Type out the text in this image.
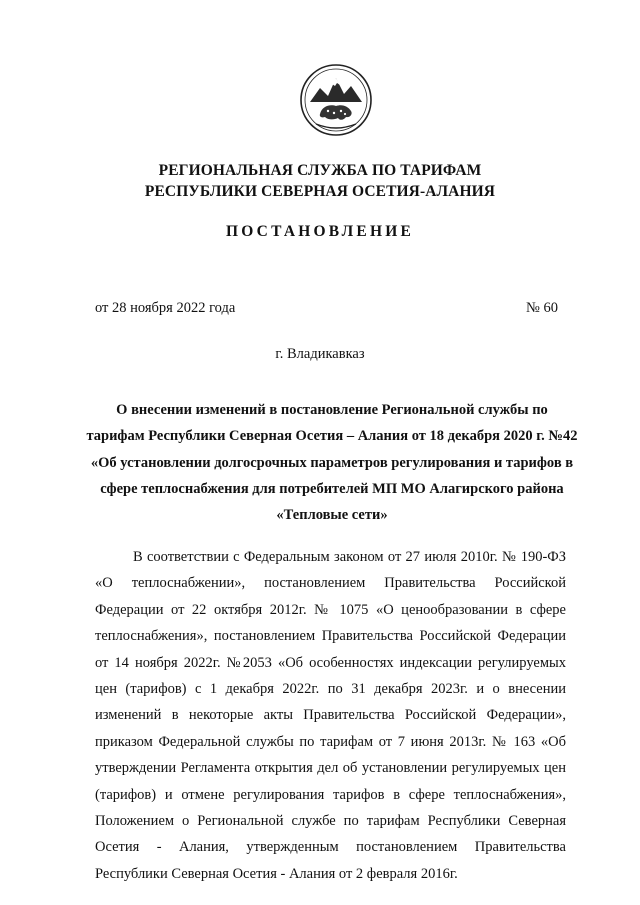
РЕГИОНАЛЬНАЯ СЛУЖБА ПО ТАРИФАМ
РЕСПУБЛИКИ СЕВЕРНАЯ ОСЕТИЯ-АЛАНИЯ
ПОСТАНОВЛЕНИЕ
от 28 ноября 2022 года	№ 60
г. Владикавказ
О внесении изменений в постановление Региональной службы по тарифам Республики Северная Осетия – Алания от 18 декабря 2020 г. №42 «Об установлении долгосрочных параметров регулирования и тарифов в сфере теплоснабжения для потребителей МП МО Алагирского района «Тепловые сети»

В соответствии с Федеральным законом от 27 июля 2010г. № 190-ФЗ «О теплоснабжении», постановлением Правительства Российской Федерации от 22 октября 2012г. № 1075 «О ценообразовании в сфере теплоснабжения», постановлением Правительства Российской Федерации от 14 ноября 2022г. №2053 «Об особенностях индексации регулируемых цен (тарифов) с 1 декабря 2022г. по 31 декабря 2023г. и о внесении изменений в некоторые акты Правительства Российской Федерации», приказом Федеральной службы по тарифам от 7 июня 2013г. № 163 «Об утверждении Регламента открытия дел об установлении регулируемых цен (тарифов) и отмене регулирования тарифов в сфере теплоснабжения», Положением о Региональной службе по тарифам Республики Северная Осетия - Алания, утвержденным постановлением Правительства Республики Северная Осетия - Алания от 2 февраля 2016г.
